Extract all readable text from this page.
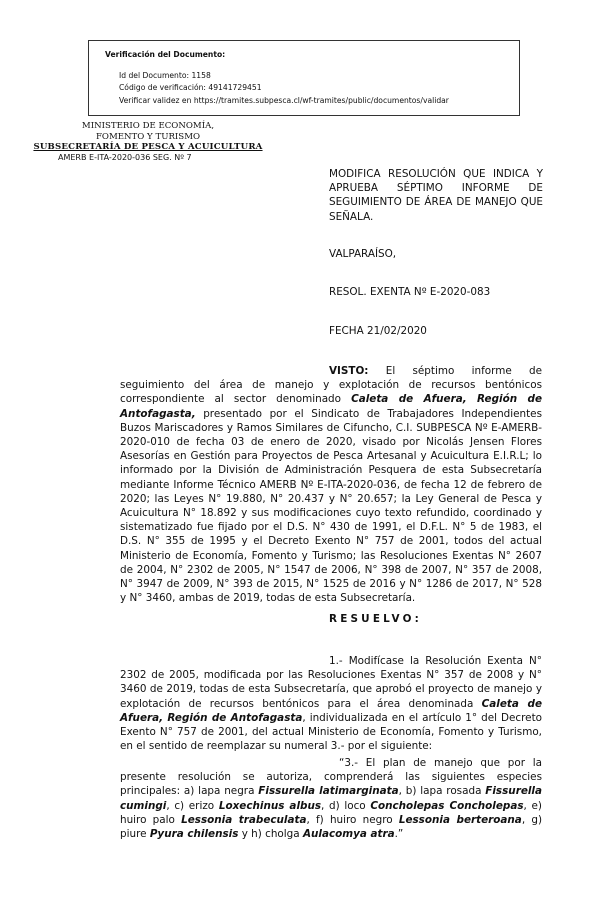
Verificación del Documento:
• Id del Documento: 1158
• Código de verificación: 49141729451
• Verificar validez en https://tramites.subpesca.cl/wf-tramites/public/documentos/validar
MINISTERIO DE ECONOMÍA,
FOMENTO Y TURISMO
SUBSECRETARÍA DE PESCA Y ACUICULTURA
AMERB E-ITA-2020-036 SEG. Nº 7
MODIFICA RESOLUCIÓN QUE INDICA Y APRUEBA SÉPTIMO INFORME DE SEGUIMIENTO DE ÁREA DE MANEJO QUE SEÑALA.
VALPARAÍSO,
RESOL. EXENTA Nº E-2020-083
FECHA 21/02/2020
VISTO: El séptimo informe de seguimiento del área de manejo y explotación de recursos bentónicos correspondiente al sector denominado Caleta de Afuera, Región de Antofagasta, presentado por el Sindicato de Trabajadores Independientes Buzos Mariscadores y Ramos Similares de Cifuncho, C.I. SUBPESCA Nº E-AMERB-2020-010 de fecha 03 de enero de 2020, visado por Nicolás Jensen Flores Asesorías en Gestión para Proyectos de Pesca Artesanal y Acuicultura E.I.R.L; lo informado por la División de Administración Pesquera de esta Subsecretaría mediante Informe Técnico AMERB Nº E-ITA-2020-036, de fecha 12 de febrero de 2020; las Leyes N° 19.880, N° 20.437 y N° 20.657; la Ley General de Pesca y Acuicultura N° 18.892 y sus modificaciones cuyo texto refundido, coordinado y sistematizado fue fijado por el D.S. N° 430 de 1991, el D.F.L. N° 5 de 1983, el D.S. N° 355 de 1995 y el Decreto Exento N° 757 de 2001, todos del actual Ministerio de Economía, Fomento y Turismo; las Resoluciones Exentas N° 2607 de 2004, N° 2302 de 2005, N° 1547 de 2006, N° 398 de 2007, N° 357 de 2008, N° 3947 de 2009, N° 393 de 2015, N° 1525 de 2016 y N° 1286 de 2017, N° 528 y N° 3460, ambas de 2019, todas de esta Subsecretaría.
RESUELVO:
1.- Modifícase la Resolución Exenta N° 2302 de 2005, modificada por las Resoluciones Exentas N° 357 de 2008 y N° 3460 de 2019, todas de esta Subsecretaría, que aprobó el proyecto de manejo y explotación de recursos bentónicos para el área denominada Caleta de Afuera, Región de Antofagasta, individualizada en el artículo 1° del Decreto Exento N° 757 de 2001, del actual Ministerio de Economía, Fomento y Turismo, en el sentido de reemplazar su numeral 3.- por el siguiente:
“3.- El plan de manejo que por la presente resolución se autoriza, comprenderá las siguientes especies principales: a) lapa negra Fissurella latimarginata, b) lapa rosada Fissurella cumingi, c) erizo Loxechinus albus, d) loco Concholepas Concholepas, e) huiro palo Lessonia trabeculata, f) huiro negro Lessonia berteroana, g) piure Pyura chilensis y h) cholga Aulacomya atra.”
